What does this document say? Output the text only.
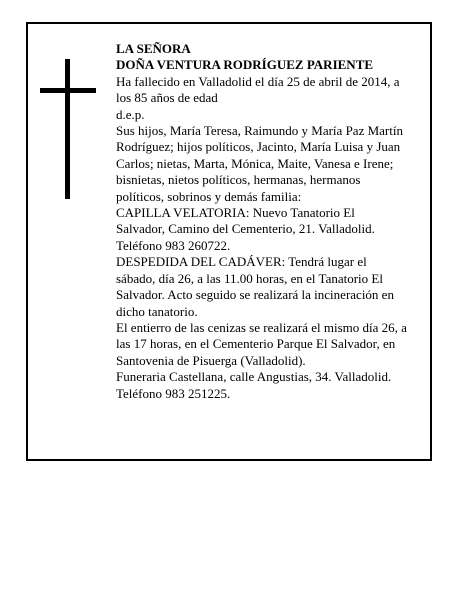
LA SEÑORA
DOÑA VENTURA RODRÍGUEZ PARIENTE
Ha fallecido en Valladolid el día 25 de abril de 2014, a
los 85 años de edad
d.e.p.
Sus hijos, María Teresa, Raimundo y María Paz Martín
Rodríguez; hijos políticos, Jacinto, María Luisa y Juan
Carlos; nietas, Marta, Mónica, Maite, Vanesa e Irene;
bisnietas, nietos políticos, hermanas, hermanos
políticos, sobrinos y demás familia:
CAPILLA VELATORIA: Nuevo Tanatorio El
Salvador, Camino del Cementerio, 21. Valladolid.
Teléfono 983 260722.
DESPEDIDA DEL CADÁVER: Tendrá lugar el
sábado, día 26, a las 11.00 horas, en el Tanatorio El
Salvador. Acto seguido se realizará la incineración en
dicho tanatorio.
El entierro de las cenizas se realizará el mismo día 26, a
las 17 horas, en el Cementerio Parque El Salvador, en
Santovenia de Pisuerga (Valladolid).
Funeraria Castellana, calle Angustias, 34. Valladolid.
Teléfono 983 251225.
